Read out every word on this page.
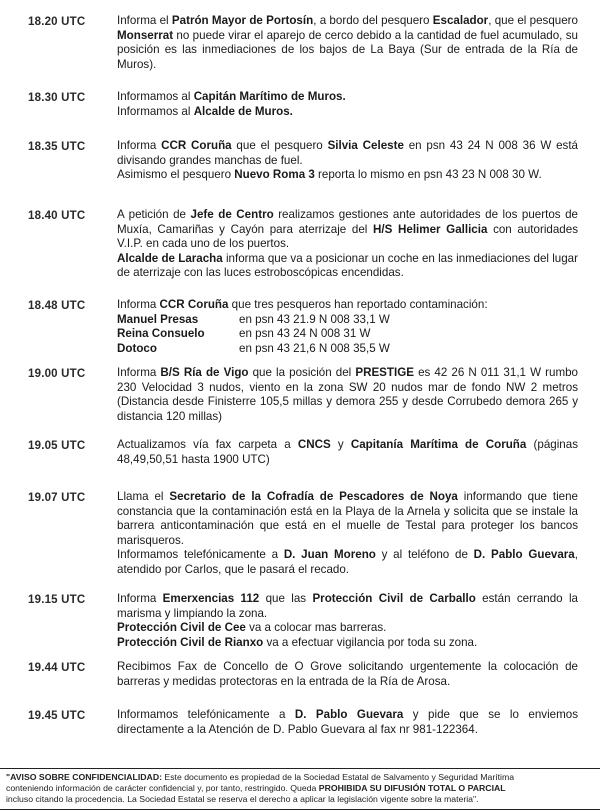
18.20 UTC	Informa el Patrón Mayor de Portosín, a bordo del pesquero Escalador, que el pesquero Monserrat no puede virar el aparejo de cerco debido a la cantidad de fuel acumulado, su posición es las inmediaciones de los bajos de La Baya (Sur de entrada de la Ría de Muros).

18.30 UTC	Informamos al Capitán Marítimo de Muros.

Informamos al Alcalde de Muros.

18.35 UTC	Informa CCR Coruña que el pesquero Silvia Celeste en psn 43 24 N 008 36 W está divisando grandes manchas de fuel.

Asimismo el pesquero Nuevo Roma 3 reporta lo mismo en psn 43 23 N 008 30 W.

18.40 UTC	A petición de Jefe de Centro realizamos gestiones ante autoridades de los puertos de Muxía, Camariñas y Cayón para aterrizaje del H/S Helimer Gallicia con autoridades V.I.P. en cada uno de los puertos.

Alcalde de Laracha informa que va a posicionar un coche en las inmediaciones del lugar de aterrizaje con las luces estroboscópicas encendidas.

18.48 UTC	Informa CCR Coruña que tres pesqueros han reportado contaminación:

Manuel Presas	en psn 43 21.9 N 008 33,1 W
Reina Consuelo	en psn 43 24 N 008 31 W
Dotoco	en psn 43 21,6 N 008 35,5 W
19.00 UTC	Informa B/S Ría de Vigo que la posición del PRESTIGE es 42 26 N 011 31,1 W rumbo 230 Velocidad 3 nudos, viento en la zona SW 20 nudos mar de fondo NW 2 metros (Distancia desde Finisterre 105,5 millas y demora 255 y desde Corrubedo demora 265 y distancia 120 millas)

19.05 UTC	Actualizamos vía fax carpeta a CNCS y Capitanía Marítima de Coruña (páginas 48,49,50,51 hasta 1900 UTC)

19.07 UTC	Llama el Secretario de la Cofradía de Pescadores de Noya informando que tiene constancia que la contaminación está en la Playa de la Arnela y solicita que se instale la barrera anticontaminación que está en el muelle de Testal para proteger los bancos marisqueros.

Informamos telefónicamente a D. Juan Moreno y al teléfono de D. Pablo Guevara, atendido por Carlos, que le pasará el recado.

19.15 UTC	Informa Emerxencias 112 que las Protección Civil de Carballo están cerrando la marisma y limpiando la zona.

Protección Civil de Cee va a colocar mas barreras.

Protección Civil de Rianxo va a efectuar vigilancia por toda su zona.

19.44 UTC	Recibimos Fax de Concello de O Grove solicitando urgentemente la colocación de barreras y medidas protectoras en la entrada de la Ría de Arosa.

19.45 UTC	Informamos telefónicamente a D. Pablo Guevara y pide que se lo enviemos directamente a la Atención de D. Pablo Guevara al fax nr 981-122364.

"AVISO SOBRE CONFIDENCIALIDAD: Este documento es propiedad de la Sociedad Estatal de Salvamento y Seguridad Marítima
conteniendo información de carácter confidencial y, por tanto, restringido. Queda PROHIBIDA SU DIFUSIÓN TOTAL O PARCIAL
incluso citando la procedencia. La Sociedad Estatal se reserva el derecho a aplicar la legislación vigente sobre la materia".
